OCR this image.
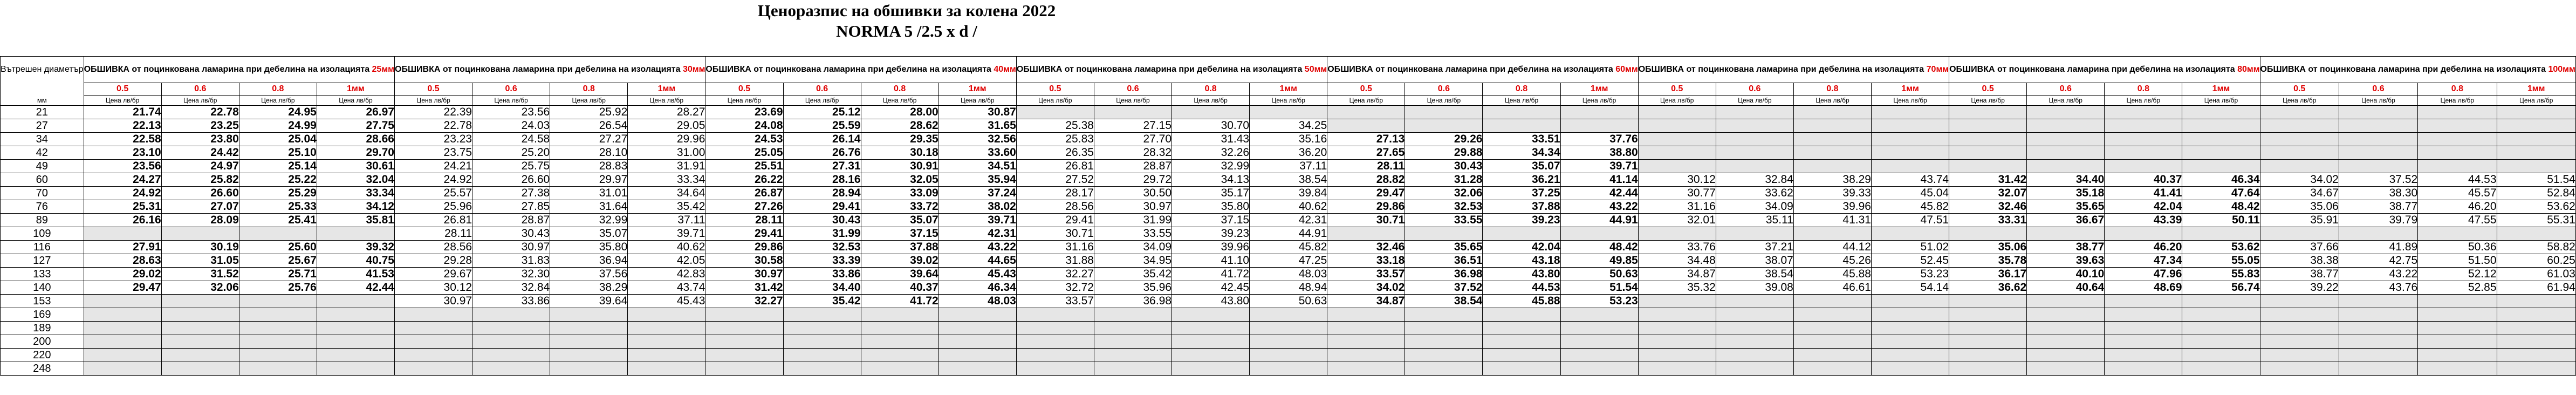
Ценоразпис на обшивки за колена 2022
NORMA 5 /2.5 x d /
Вътрешен диаметър	ОБШИВКА от поцинкована ламарина при дебелина на изолацията 25мм				ОБШИВКА от поцинкована ламарина при дебелина на изолацията 30мм				ОБШИВКА от поцинкована ламарина при дебелина на изолацията 40мм				ОБШИВКА от поцинкована ламарина при дебелина на изолацията 50мм				ОБШИВКА от поцинкована ламарина при дебелина на изолацията 60мм				ОБШИВКА от поцинкована ламарина при дебелина на изолацията 70мм				ОБШИВКА от поцинкована ламарина при дебелина на изолацията 80мм				ОБШИВКА от поцинкована ламарина при дебелина на изолацията 100мм			
	0.5	0.6	0.8	1мм	0.5	0.6	0.8	1мм	0.5	0.6	0.8	1мм	0.5	0.6	0.8	1мм	0.5	0.6	0.8	1мм	0.5	0.6	0.8	1мм	0.5	0.6	0.8	1мм	0.5	0.6	0.8	1мм
мм	Цена лв/бр	Цена лв/бр	Цена лв/бр	Цена лв/бр	Цена лв/бр	Цена лв/бр	Цена лв/бр	Цена лв/бр	Цена лв/бр	Цена лв/бр	Цена лв/бр	Цена лв/бр	Цена лв/бр	Цена лв/бр	Цена лв/бр	Цена лв/бр	Цена лв/бр	Цена лв/бр	Цена лв/бр	Цена лв/бр	Цена лв/бр	Цена лв/бр	Цена лв/бр	Цена лв/бр	Цена лв/бр	Цена лв/бр	Цена лв/бр	Цена лв/бр	Цена лв/бр	Цена лв/бр	Цена лв/бр	Цена лв/бр
21	21.74	22.78	24.95	26.97	22.39	23.56	25.92	28.27	23.69	25.12	28.00	30.87																				
27	22.13	23.25	24.99	27.75	22.78	24.03	26.54	29.05	24.08	25.59	28.62	31.65	25.38	27.15	30.70	34.25																
34	22.58	23.80	25.04	28.66	23.23	24.58	27.27	29.96	24.53	26.14	29.35	32.56	25.83	27.70	31.43	35.16	27.13	29.26	33.51	37.76												
42	23.10	24.42	25.10	29.70	23.75	25.20	28.10	31.00	25.05	26.76	30.18	33.60	26.35	28.32	32.26	36.20	27.65	29.88	34.34	38.80												
49	23.56	24.97	25.14	30.61	24.21	25.75	28.83	31.91	25.51	27.31	30.91	34.51	26.81	28.87	32.99	37.11	28.11	30.43	35.07	39.71												
60	24.27	25.82	25.22	32.04	24.92	26.60	29.97	33.34	26.22	28.16	32.05	35.94	27.52	29.72	34.13	38.54	28.82	31.28	36.21	41.14	30.12	32.84	38.29	43.74	31.42	34.40	40.37	46.34	34.02	37.52	44.53	51.54
70	24.92	26.60	25.29	33.34	25.57	27.38	31.01	34.64	26.87	28.94	33.09	37.24	28.17	30.50	35.17	39.84	29.47	32.06	37.25	42.44	30.77	33.62	39.33	45.04	32.07	35.18	41.41	47.64	34.67	38.30	45.57	52.84
76	25.31	27.07	25.33	34.12	25.96	27.85	31.64	35.42	27.26	29.41	33.72	38.02	28.56	30.97	35.80	40.62	29.86	32.53	37.88	43.22	31.16	34.09	39.96	45.82	32.46	35.65	42.04	48.42	35.06	38.77	46.20	53.62
89	26.16	28.09	25.41	35.81	26.81	28.87	32.99	37.11	28.11	30.43	35.07	39.71	29.41	31.99	37.15	42.31	30.71	33.55	39.23	44.91	32.01	35.11	41.31	47.51	33.31	36.67	43.39	50.11	35.91	39.79	47.55	55.31
109					28.11	30.43	35.07	39.71	29.41	31.99	37.15	42.31	30.71	33.55	39.23	44.91																
116	27.91	30.19	25.60	39.32	28.56	30.97	35.80	40.62	29.86	32.53	37.88	43.22	31.16	34.09	39.96	45.82	32.46	35.65	42.04	48.42	33.76	37.21	44.12	51.02	35.06	38.77	46.20	53.62	37.66	41.89	50.36	58.82
127	28.63	31.05	25.67	40.75	29.28	31.83	36.94	42.05	30.58	33.39	39.02	44.65	31.88	34.95	41.10	47.25	33.18	36.51	43.18	49.85	34.48	38.07	45.26	52.45	35.78	39.63	47.34	55.05	38.38	42.75	51.50	60.25
133	29.02	31.52	25.71	41.53	29.67	32.30	37.56	42.83	30.97	33.86	39.64	45.43	32.27	35.42	41.72	48.03	33.57	36.98	43.80	50.63	34.87	38.54	45.88	53.23	36.17	40.10	47.96	55.83	38.77	43.22	52.12	61.03
140	29.47	32.06	25.76	42.44	30.12	32.84	38.29	43.74	31.42	34.40	40.37	46.34	32.72	35.96	42.45	48.94	34.02	37.52	44.53	51.54	35.32	39.08	46.61	54.14	36.62	40.64	48.69	56.74	39.22	43.76	52.85	61.94
153					30.97	33.86	39.64	45.43	32.27	35.42	41.72	48.03	33.57	36.98	43.80	50.63	34.87	38.54	45.88	53.23												
169																																
189																																
200																																
220																																
248																																
